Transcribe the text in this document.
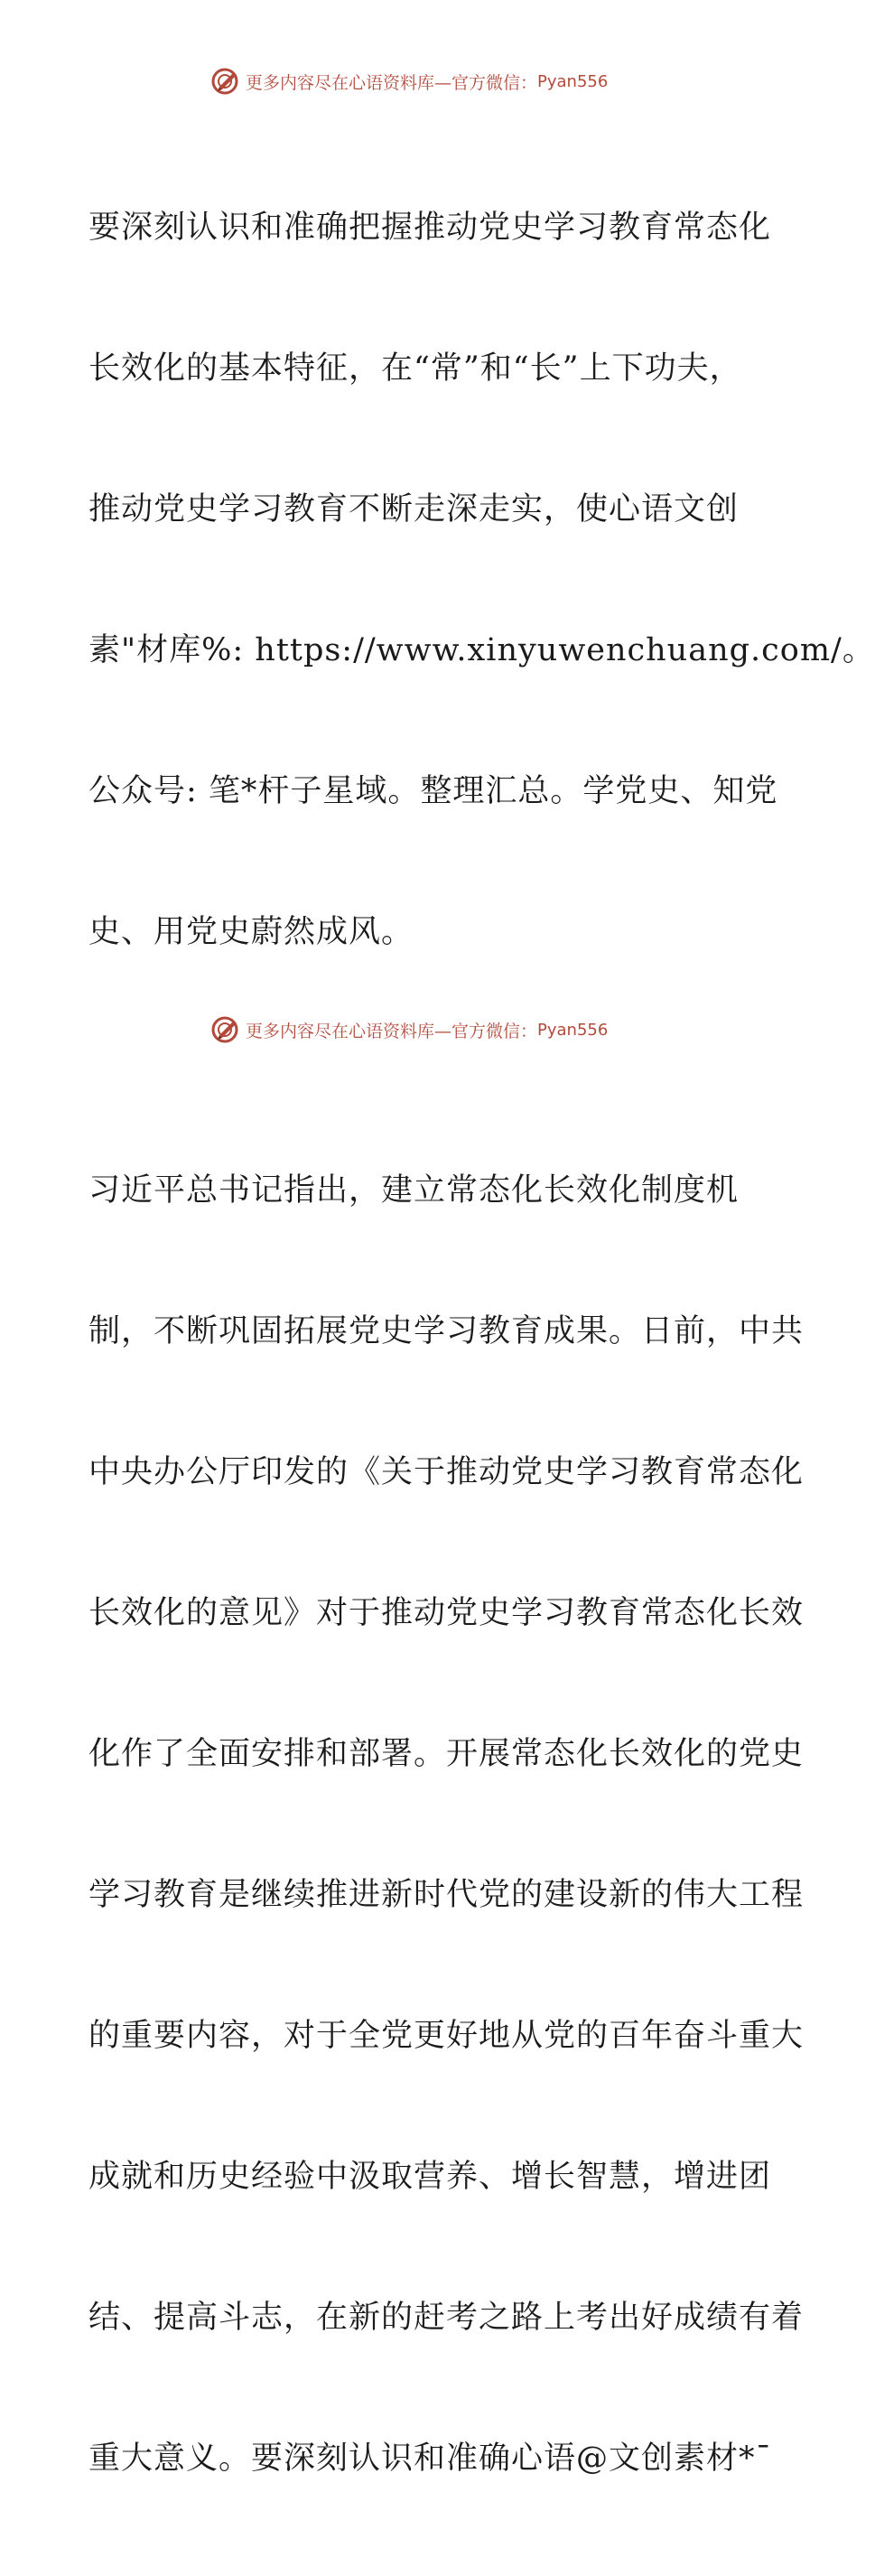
更多内容尽在心语资料库—官方微信： Pyan556

要深刻认识和准确把握推动党史学习教育常态化

长效化的基本特征，在“常”和“长”上下功夫，

推动党史学习教育不断走深走实，使心语文创

素"材库%: https://www.xinyuwenchuang.com/。

公众号: 笔*杆子星域。整理汇总。学党史、知党

史、用党史蔚然成风。

习近平总书记指出，建立常态化长效化制度机

制，不断巩固拓展党史学习教育成果。日前，中共

中央办公厅印发的《关于推动党史学习教育常态化

长效化的意见》对于推动党史学习教育常态化长效

化作了全面安排和部署。开展常态化长效化的党史

学习教育是继续推进新时代党的建设新的伟大工程

的重要内容，对于全党更好地从党的百年奋斗重大

成就和历史经验中汲取营养、增长智慧，增进团

结、提高斗志，在新的赶考之路上考出好成绩有着

重大意义。要深刻认识和准确心语@文创素材*¯

更多内容尽在心语资料库—官方微信： Pyan556
